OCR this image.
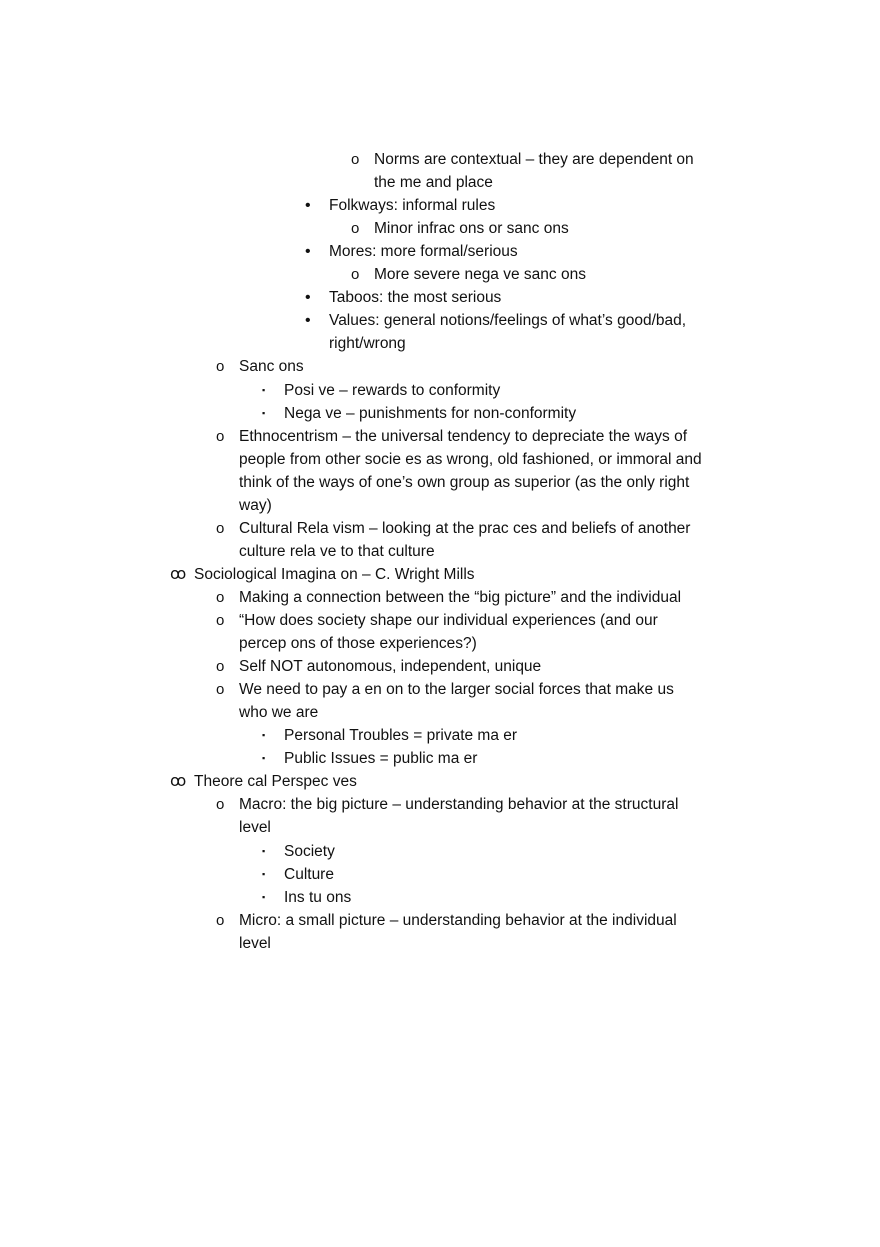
o Norms are contextual – they are dependent on
the me and place
• Folkways: informal rules
o Minor infrac ons or sanc ons
• Mores: more formal/serious
o More severe nega ve sanc ons
• Taboos: the most serious
• Values: general notions/feelings of what’s good/bad,
right/wrong
o Sanc ons
▪ Posi ve – rewards to conformity
▪ Nega ve – punishments for non-conformity
o Ethnocentrism – the universal tendency to depreciate the ways of
people from other socie es as wrong, old fashioned, or immoral and
think of the ways of one’s own group as superior (as the only right
way)
o Cultural Rela vism – looking at the prac ces and beliefs of another
culture rela ve to that culture
ꝏ Sociological Imagina on – C. Wright Mills
o Making a connection between the “big picture” and the individual
o “How does society shape our individual experiences (and our
percep ons of those experiences?)
o Self NOT autonomous, independent, unique
o We need to pay a en on to the larger social forces that make us
who we are
▪ Personal Troubles = private ma er
▪ Public Issues = public ma er
ꝏ Theore cal Perspec ves
o Macro: the big picture – understanding behavior at the structural
level
▪ Society
▪ Culture
▪ Ins tu ons
o Micro: a small picture – understanding behavior at the individual
level
